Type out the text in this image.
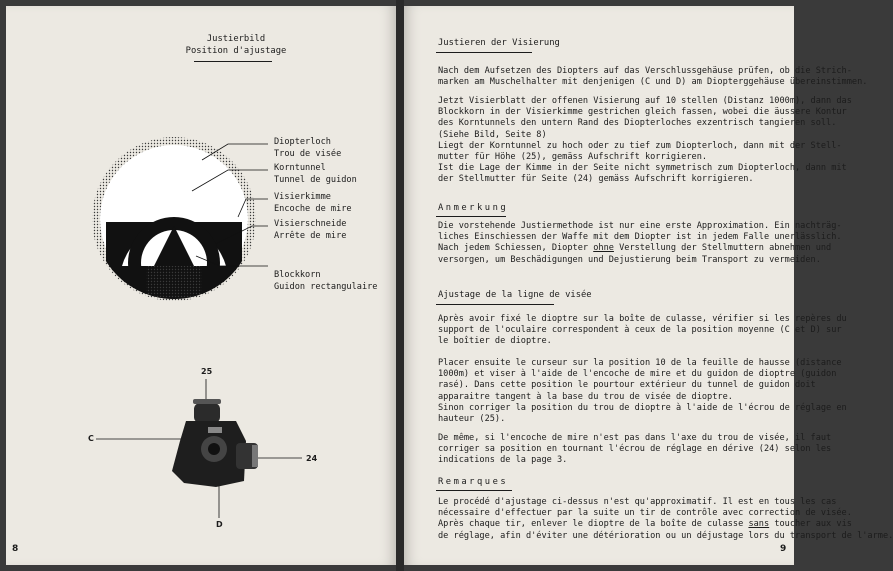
Justierbild
Position d'ajustage
Diopterloch
Trou de visée
Korntunnel
Tunnel de guidon
Visierkimme
Encoche de mire
Visierschneide
Arrête de mire
Blockkorn
Guidon rectangulaire
25
C
24
D
8
Justieren der Visierung
Nach dem Aufsetzen des Diopters auf das Verschlussgehäuse prüfen, ob die Strich-
marken am Muschelhalter mit denjenigen (C und D) am Diopterggehäuse übereinstimmen.
Jetzt Visierblatt der offenen Visierung auf 10 stellen (Distanz 1000m), dann das
Blockkorn in der Visierkimme gestrichen gleich fassen, wobei die äussere Kontur
des Korntunnels den untern Rand des Diopterloches exzentrisch tangieren soll.
(Siehe Bild, Seite 8)
Liegt der Korntunnel zu hoch oder zu tief zum Diopterloch, dann mit der Stell-
mutter für Höhe (25), gemäss Aufschrift korrigieren.
Ist die Lage der Kimme in der Seite nicht symmetrisch zum Diopterloch, dann mit
der Stellmutter für Seite (24) gemäss Aufschrift korrigieren.
Anmerkung
Die vorstehende Justiermethode ist nur eine erste Approximation. Ein nachträg-
liches Einschiessen der Waffe mit dem Diopter ist in jedem Falle unerlässlich.
Nach jedem Schiessen, Diopter ohne Verstellung der Stellmuttern abnehmen und
versorgen, um Beschädigungen und Dejustierung beim Transport zu vermeiden.
Ajustage de la ligne de visée
Après avoir fixé le dioptre sur la boîte de culasse, vérifier si les repères du
support de l'oculaire correspondent à ceux de la position moyenne (C et D) sur
le boîtier de dioptre.
Placer ensuite le curseur sur la position 10 de la feuille de hausse (distance
1000m) et viser à l'aide de l'encoche de mire et du guidon de dioptre (guidon
rasé). Dans cette position le pourtour extérieur du tunnel de guidon doit
apparaitre tangent à la base du trou de visée de dioptre.
Sinon corriger la position du trou de dioptre à l'aide de l'écrou de réglage en
hauteur (25).
De même, si l'encoche de mire n'est pas dans l'axe du trou de visée, il faut
corriger sa position en tournant l'écrou de réglage en dérive (24) selon les
indications de la page 3.
Remarques
Le procédé d'ajustage ci-dessus n'est qu'approximatif. Il est en tous les cas
nécessaire d'effectuer par la suite un tir de contrôle avec correction de visée.
Après chaque tir, enlever le dioptre de la boîte de culasse sans toucher aux vis
de réglage, afin d'éviter une détérioration ou un déjustage lors du transport de l'arme.
9
